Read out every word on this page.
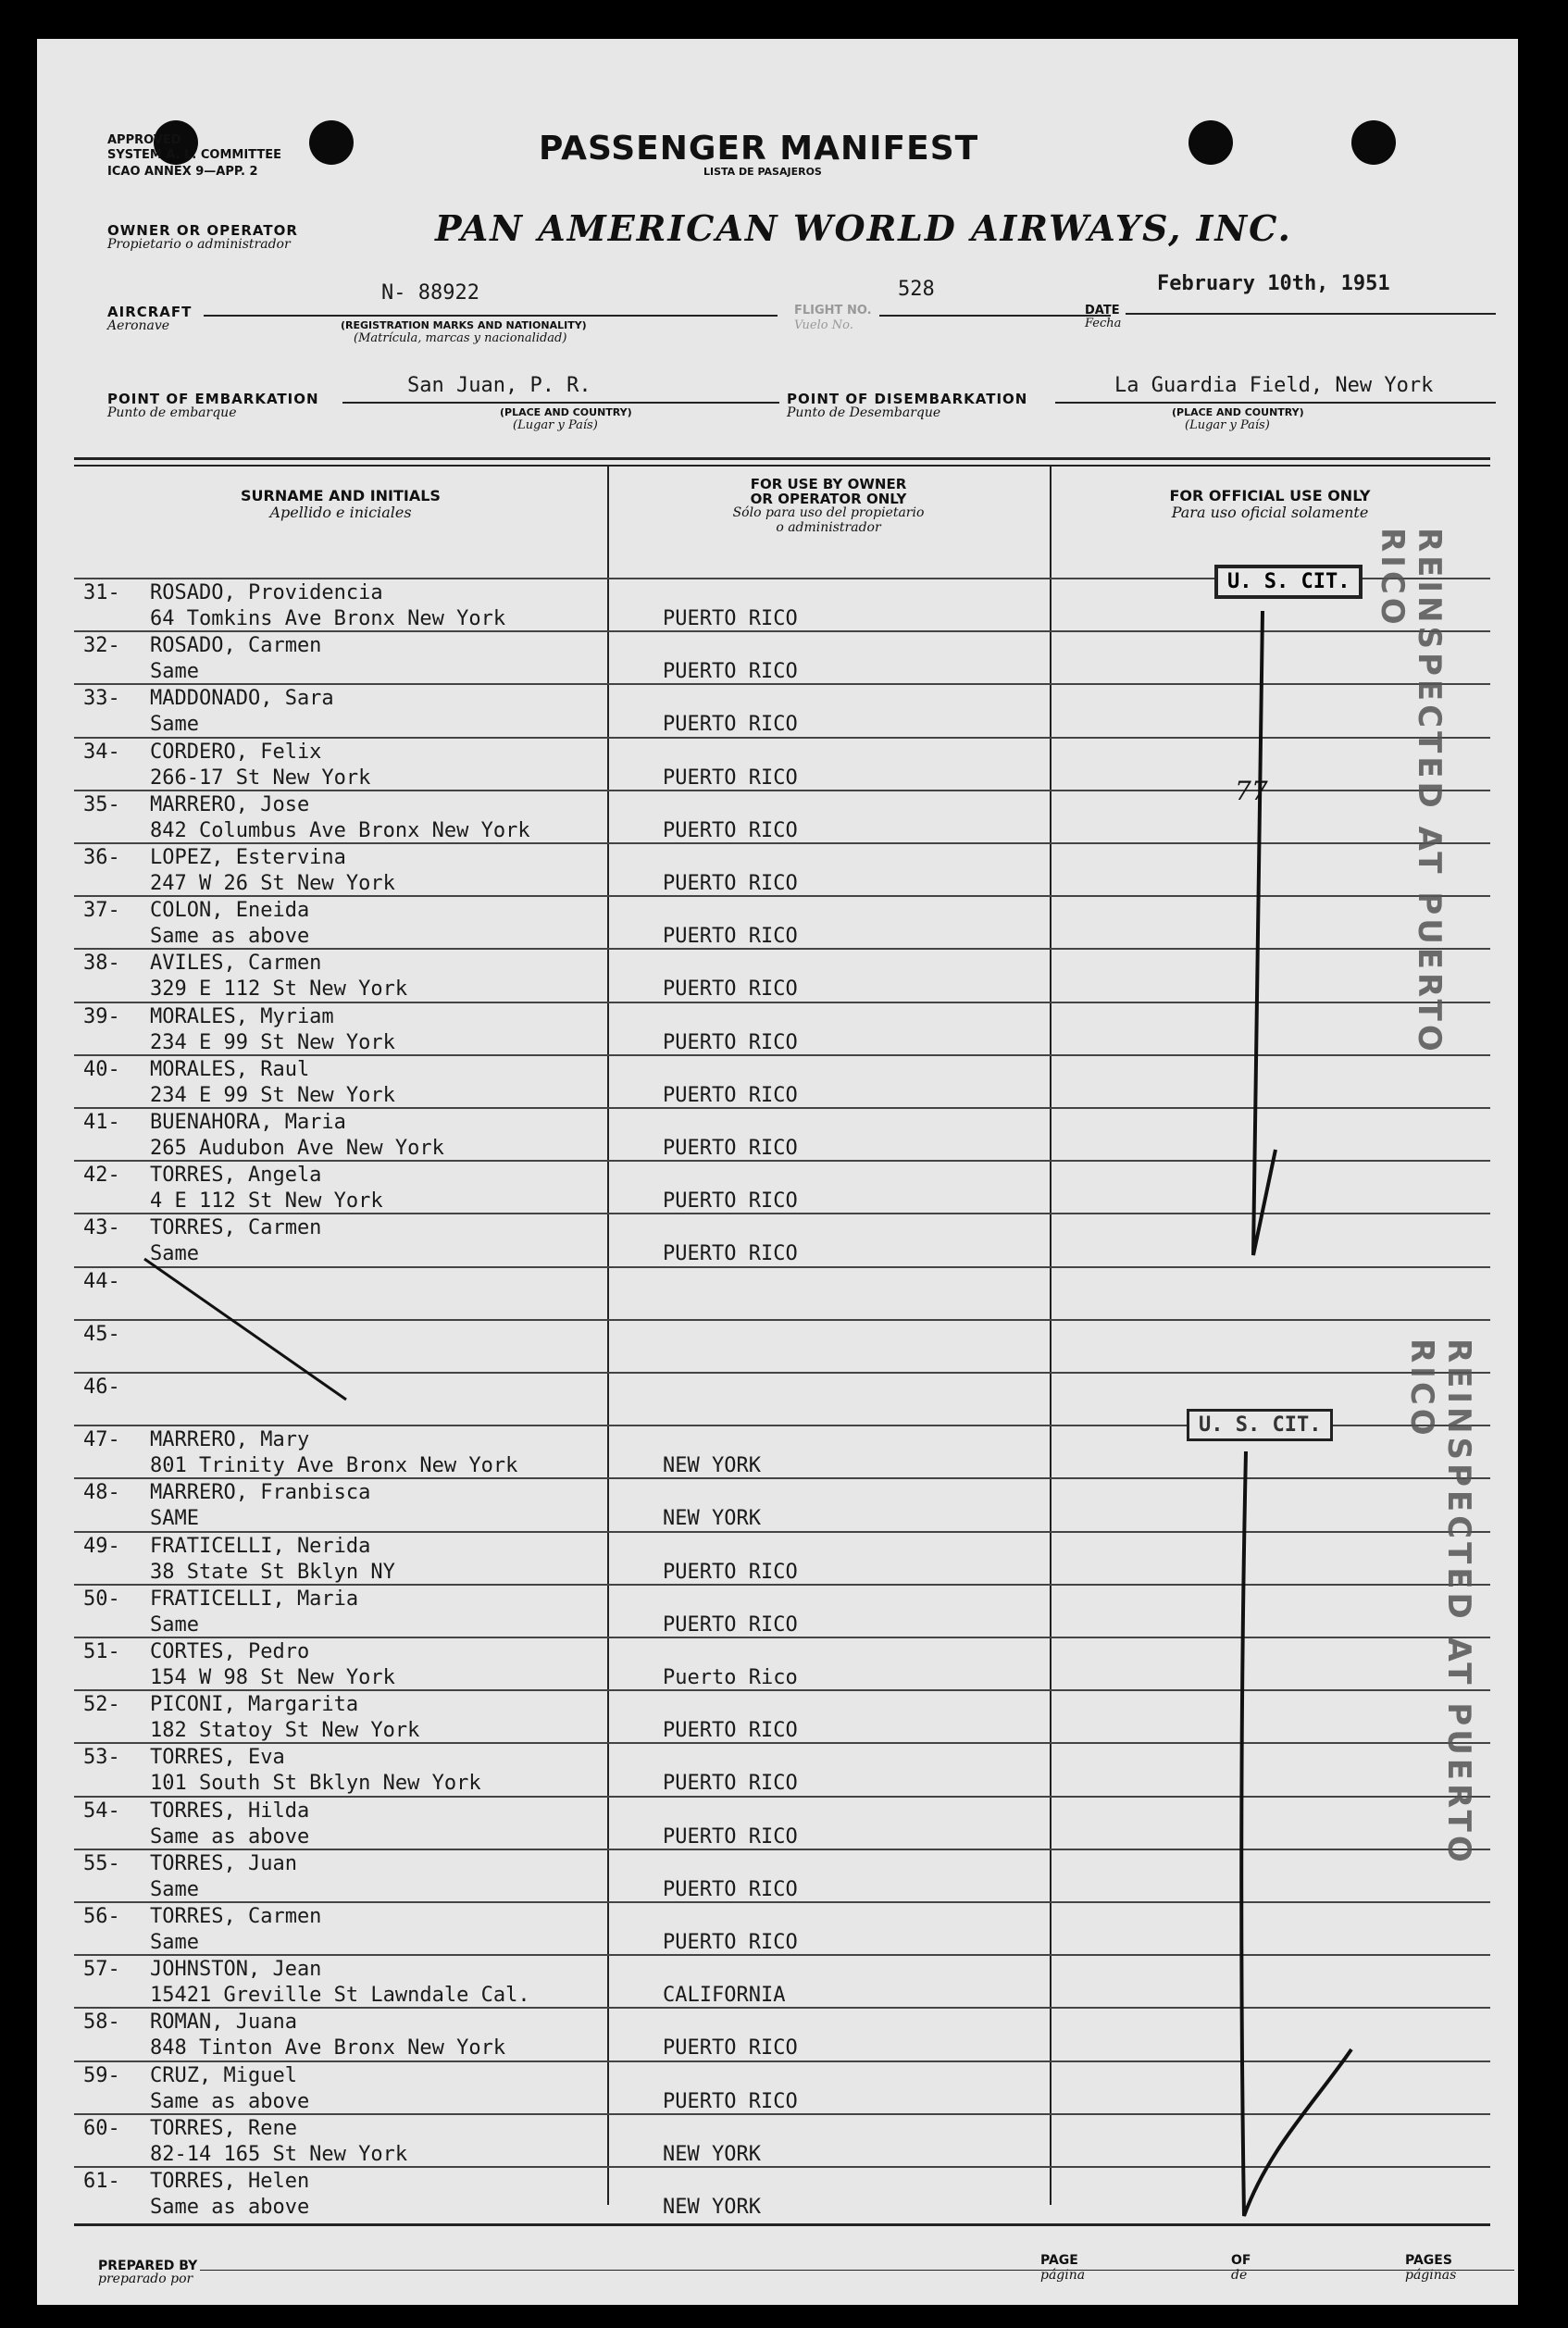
APPROVED
SYSTEM A. L. COMMITTEE
ICAO ANNEX 9—APP. 2
PASSENGER MANIFEST
LISTA DE PASAJEROS
OWNER OR OPERATOR
Propietario o administrador	PAN AMERICAN WORLD AIRWAYS, INC.
AIRCRAFT
Aeronave
N- 88922
(REGISTRATION MARKS AND NATIONALITY)
(Matrícula, marcas y nacionalidad)
FLIGHT NO.
Vuelo No.
528
DATE
Fecha
February 10th, 1951
POINT OF EMBARKATION
Punto de embarque
San Juan, P. R.
(PLACE AND COUNTRY)
(Lugar y País)
POINT OF DISEMBARKATION
Punto de Desembarque
La Guardia Field, New York
(PLACE AND COUNTRY)
(Lugar y País)
SURNAME AND INITIALS
Apellido e iniciales
FOR USE BY OWNER
OR OPERATOR ONLY
Sólo para uso del propietario
o administrador
FOR OFFICIAL USE ONLY
Para uso oficial solamente
31- ROSADO, Providencia
64 Tomkins Ave Bronx New York	PUERTO RICO
32- ROSADO, Carmen
Same	PUERTO RICO
33- MADDONADO, Sara
Same	PUERTO RICO
34- CORDERO, Felix
266-17 St New York	PUERTO RICO
35- MARRERO, Jose
842 Columbus Ave Bronx New York	PUERTO RICO
36- LOPEZ, Estervina
247 W 26 St New York	PUERTO RICO
37- COLON, Eneida
Same as above	PUERTO RICO
38- AVILES, Carmen
329 E 112 St New York	PUERTO RICO
39- MORALES, Myriam
234 E 99 St New York	PUERTO RICO
40- MORALES, Raul
234 E 99 St New York	PUERTO RICO
41- BUENAHORA, Maria
265 Audubon Ave New York	PUERTO RICO
42- TORRES, Angela
4 E 112 St New York	PUERTO RICO
43- TORRES, Carmen
Same	PUERTO RICO
44-
45-
46-
47- MARRERO, Mary
801 Trinity Ave Bronx New York	NEW YORK
48- MARRERO, Franbisca
SAME	NEW YORK
49- FRATICELLI, Nerida
38 State St Bklyn NY	PUERTO RICO
50- FRATICELLI, Maria
Same	PUERTO RICO
51- CORTES, Pedro
154 W 98 St New York	Puerto Rico
52- PICONI, Margarita
182 Statoy St New York	PUERTO RICO
53- TORRES, Eva
101 South St Bklyn New York	PUERTO RICO
54- TORRES, Hilda
Same as above	PUERTO RICO
55- TORRES, Juan
Same	PUERTO RICO
56- TORRES, Carmen
Same	PUERTO RICO
57- JOHNSTON, Jean
15421 Greville St Lawndale Cal.	CALIFORNIA
58- ROMAN, Juana
848 Tinton Ave Bronx New York	PUERTO RICO
59- CRUZ, Miguel
Same as above	PUERTO RICO
60- TORRES, Rene
82-14 165 St New York	NEW YORK
61- TORRES, Helen
Same as above	NEW YORK
U. S. CIT.
U. S. CIT.
REINSPECTED AT PUERTO RICO
REINSPECTED AT PUERTO RICO
77
PREPARED BY
preparado por
PAGE
página
OF
de
PAGES
páginas
